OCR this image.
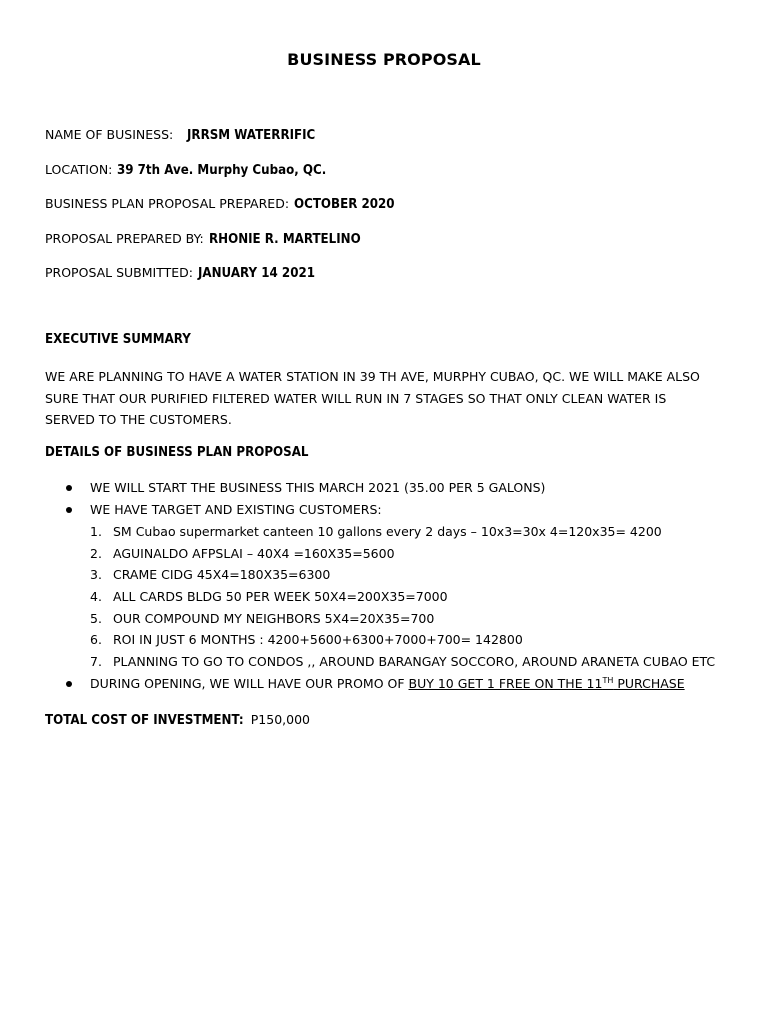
BUSINESS PROPOSAL
NAME OF BUSINESS: JRRSM WATERRIFIC
LOCATION: 39 7th Ave. Murphy Cubao, QC.
BUSINESS PLAN PROPOSAL PREPARED: OCTOBER 2020
PROPOSAL PREPARED BY: RHONIE R. MARTELINO
PROPOSAL SUBMITTED: JANUARY 14 2021
EXECUTIVE SUMMARY
WE ARE PLANNING TO HAVE A WATER STATION IN 39 TH AVE, MURPHY CUBAO, QC. WE WILL MAKE ALSO SURE THAT OUR PURIFIED FILTERED WATER WILL RUN IN 7 STAGES SO THAT ONLY CLEAN WATER IS SERVED TO THE CUSTOMERS.
DETAILS OF BUSINESS PLAN PROPOSAL
WE WILL START THE BUSINESS THIS MARCH 2021 (35.00 PER 5 GALONS)
WE HAVE TARGET AND EXISTING CUSTOMERS:
1. SM Cubao supermarket canteen 10 gallons every 2 days – 10x3=30x 4=120x35= 4200
2. AGUINALDO AFPSLAI – 40X4 =160X35=5600
3. CRAME CIDG 45X4=180X35=6300
4. ALL CARDS BLDG 50 PER WEEK 50X4=200X35=7000
5. OUR COMPOUND MY NEIGHBORS 5X4=20X35=700
6. ROI IN JUST 6 MONTHS : 4200+5600+6300+7000+700= 142800
7. PLANNING TO GO TO CONDOS ,, AROUND BARANGAY SOCCORO, AROUND ARANETA CUBAO ETC
DURING OPENING, WE WILL HAVE OUR PROMO OF BUY 10 GET 1 FREE ON THE 11TH PURCHASE
TOTAL COST OF INVESTMENT: P150,000
